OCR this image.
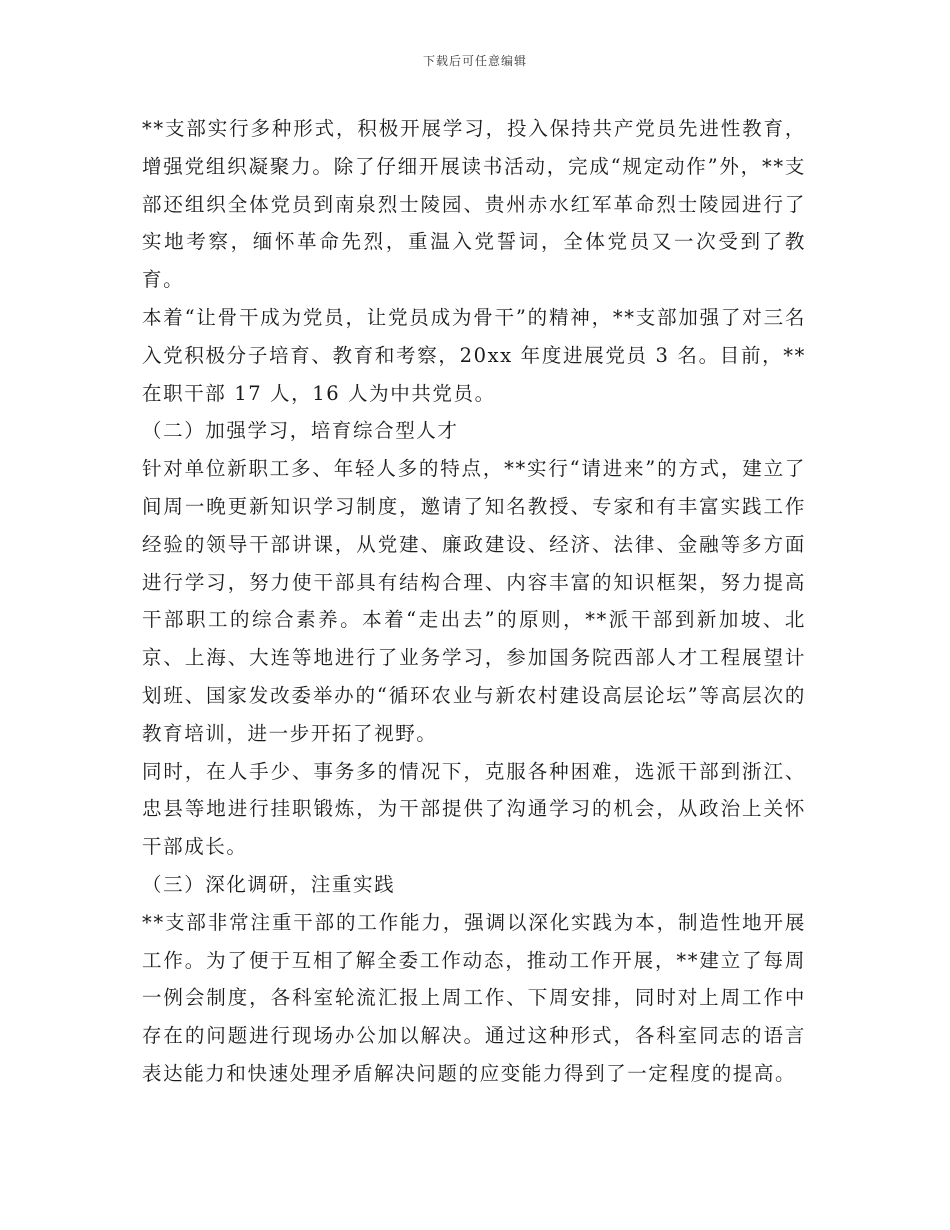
下载后可任意编辑

**支部实行多种形式，积极开展学习，投入保持共产党员先进性教育，增强党组织凝聚力。除了仔细开展读书活动，完成“规定动作”外，**支部还组织全体党员到南泉烈士陵园、贵州赤水红军革命烈士陵园进行了实地考察，缅怀革命先烈，重温入党誓词，全体党员又一次受到了教育。

本着“让骨干成为党员，让党员成为骨干”的精神，**支部加强了对三名入党积极分子培育、教育和考察，20xx 年度进展党员 3 名。目前，**在职干部 17 人，16 人为中共党员。

（二）加强学习，培育综合型人才

针对单位新职工多、年轻人多的特点，**实行“请进来”的方式，建立了间周一晚更新知识学习制度，邀请了知名教授、专家和有丰富实践工作经验的领导干部讲课，从党建、廉政建设、经济、法律、金融等多方面进行学习，努力使干部具有结构合理、内容丰富的知识框架，努力提高干部职工的综合素养。本着“走出去”的原则，**派干部到新加坡、北京、上海、大连等地进行了业务学习，参加国务院西部人才工程展望计划班、国家发改委举办的“循环农业与新农村建设高层论坛”等高层次的教育培训，进一步开拓了视野。

同时，在人手少、事务多的情况下，克服各种困难，选派干部到浙江、忠县等地进行挂职锻炼，为干部提供了沟通学习的机会，从政治上关怀干部成长。

（三）深化调研，注重实践

**支部非常注重干部的工作能力，强调以深化实践为本，制造性地开展工作。为了便于互相了解全委工作动态，推动工作开展，**建立了每周一例会制度，各科室轮流汇报上周工作、下周安排，同时对上周工作中存在的问题进行现场办公加以解决。通过这种形式，各科室同志的语言表达能力和快速处理矛盾解决问题的应变能力得到了一定程度的提高。
